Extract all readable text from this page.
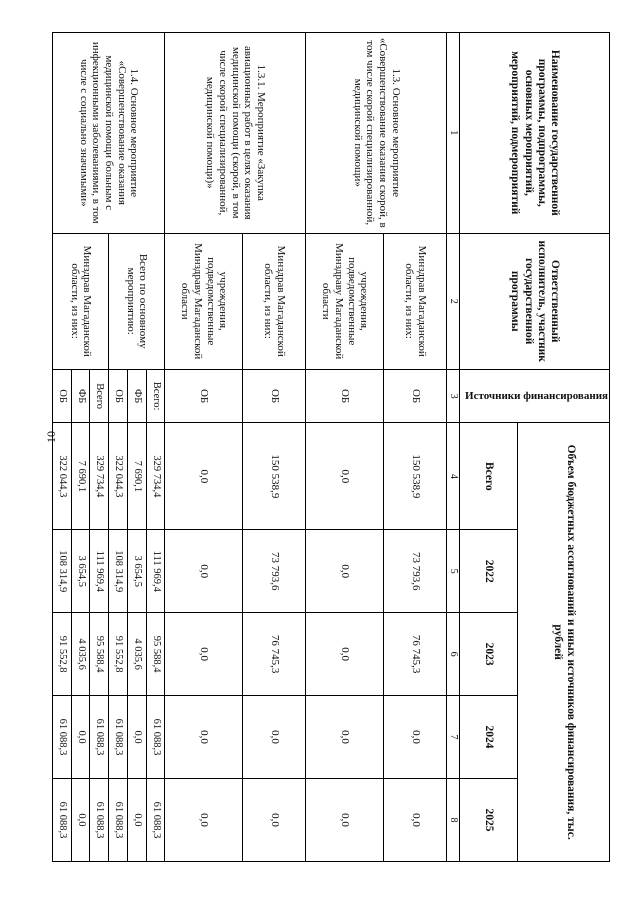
10
Наименование государственной программы, подпрограммы, основных мероприятий, мероприятий, подмероприятий	Ответственный исполнитель, участник государственной программы	Источники финансирования	Объем бюджетных ассигнований и иных источников финансирования, тыс. рублей				
			Всего	2022	2023	2024	2025
1	2	3	4	5	6	7	8
1.3. Основное мероприятие «Совершенствование оказания скорой, в том числе скорой специализированной, медицинской помощи»	Минздрав Магаданской области, из них:	ОБ	150 538,9	73 793,6	76 745,3	0,0	0,0
	учреждения, подведомственные Минздраву Магаданской области	ОБ	0,0	0,0	0,0	0,0	0,0
1.3.1. Мероприятие «Закупка авиационных работ в целях оказания медицинской помощи (скорой, в том числе скорой специализированной, медицинской помощи)»	Минздрав Магаданской области, из них:	ОБ	150 538,9	73 793,6	76 745,3	0,0	0,0
	учреждения, подведомственные Минздраву Магаданской области	ОБ	0,0	0,0	0,0	0,0	0,0
1.4. Основное мероприятие «Совершенствование оказания медицинской помощи больным с инфекционными заболеваниями, в том числе с социально значимыми»	Всего по основному мероприятию:	Всего:	329 734,4	111 969,4	95 588,4	61 088,3	61 088,3
		ФБ	7 690,1	3 654,5	4 035,6	0,0	0,0
		ОБ	322 044,3	108 314,9	91 552,8	61 088,3	61 088,3
	Минздрав Магаданской области, из них:	Всего	329 734,4	111 969,4	95 588,4	61 088,3	61 088,3
		ФБ	7 690,1	3 654,5	4 035,6	0,0	0,0
		ОБ	322 044,3	108 314,9	91 552,8	61 088,3	61 088,3
